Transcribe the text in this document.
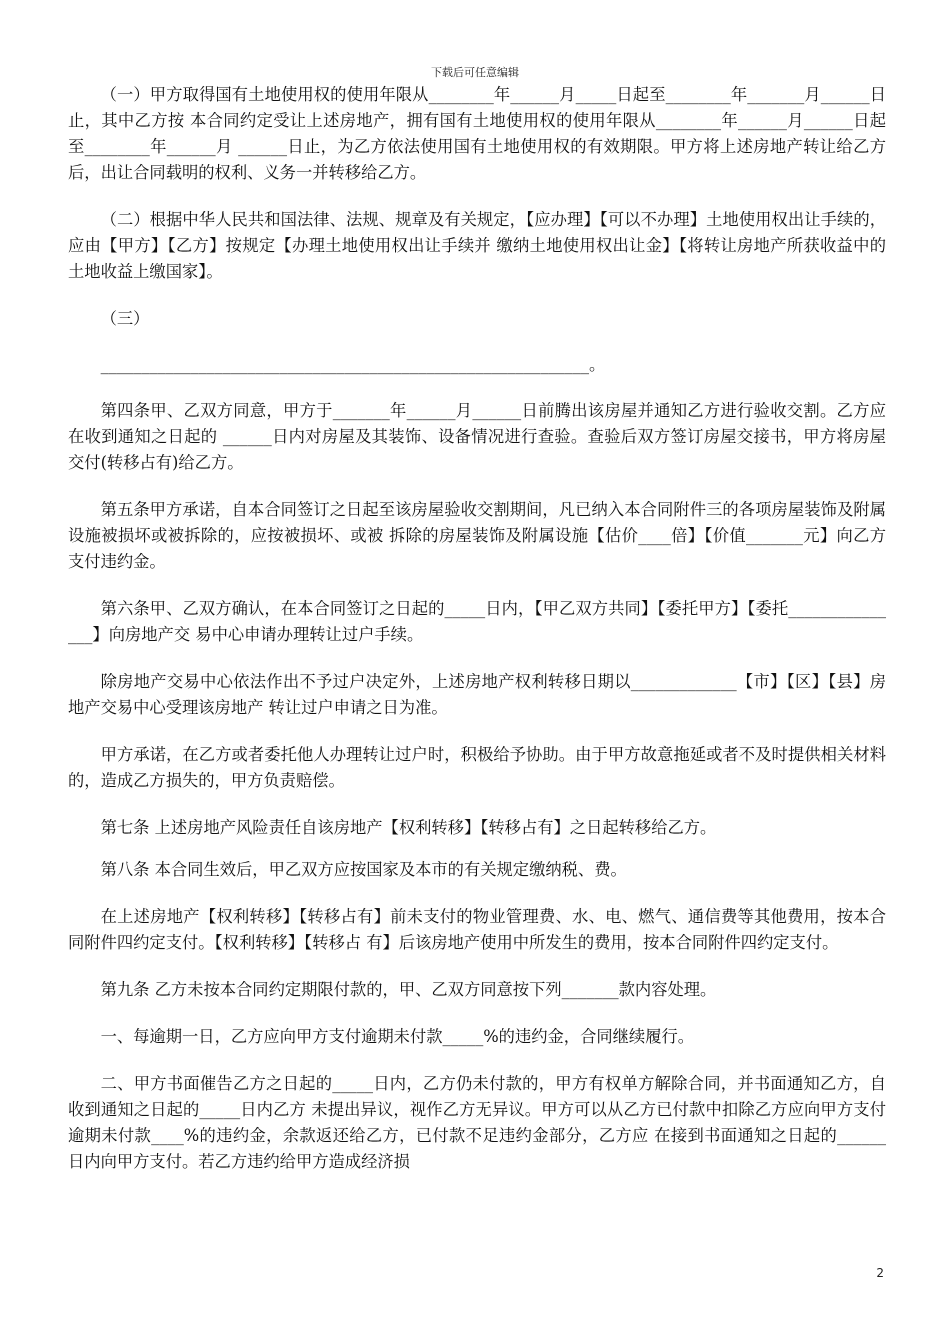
下载后可任意编辑

（一）甲方取得国有土地使用权的使用年限从________年______月_____日起至________年_______月______日止，其中乙方按 本合同约定受让上述房地产，拥有国有土地使用权的使用年限从________年______月______日起至________年______月 ______日止，为乙方依法使用国有土地使用权的有效期限。甲方将上述房地产转让给乙方后，出让合同载明的权利、义务一并转移给乙方。

（二）根据中华人民共和国法律、法规、规章及有关规定，【应办理】【可以不办理】土地使用权出让手续的，应由【甲方】【乙方】按规定【办理土地使用权出让手续并 缴纳土地使用权出让金】【将转让房地产所获收益中的土地收益上缴国家】。

（三）

____________________________________________________________。

第四条甲、乙双方同意，甲方于_______年______月______日前腾出该房屋并通知乙方进行验收交割。乙方应在收到通知之日起的 ______日内对房屋及其装饰、设备情况进行查验。查验后双方签订房屋交接书，甲方将房屋交付(转移占有)给乙方。

第五条甲方承诺，自本合同签订之日起至该房屋验收交割期间，凡已纳入本合同附件三的各项房屋装饰及附属设施被损坏或被拆除的，应按被损坏、或被 拆除的房屋装饰及附属设施【估价____倍】【价值_______元】向乙方支付违约金。

第六条甲、乙双方确认，在本合同签订之日起的_____日内，【甲乙双方共同】【委托甲方】【委托_______________】向房地产交 易中心申请办理转让过户手续。

除房地产交易中心依法作出不予过户决定外，上述房地产权利转移日期以_____________【市】【区】【县】房地产交易中心受理该房地产 转让过户申请之日为准。

甲方承诺，在乙方或者委托他人办理转让过户时，积极给予协助。由于甲方故意拖延或者不及时提供相关材料的，造成乙方损失的，甲方负责赔偿。

第七条 上述房地产风险责任自该房地产【权利转移】【转移占有】之日起转移给乙方。

第八条 本合同生效后，甲乙双方应按国家及本市的有关规定缴纳税、费。

在上述房地产【权利转移】【转移占有】前未支付的物业管理费、水、电、燃气、通信费等其他费用，按本合同附件四约定支付。【权利转移】【转移占 有】后该房地产使用中所发生的费用，按本合同附件四约定支付。

第九条 乙方未按本合同约定期限付款的，甲、乙双方同意按下列_______款内容处理。

一、每逾期一日，乙方应向甲方支付逾期未付款_____%的违约金，合同继续履行。

二、甲方书面催告乙方之日起的_____日内，乙方仍未付款的，甲方有权单方解除合同，并书面通知乙方，自收到通知之日起的_____日内乙方 未提出异议，视作乙方无异议。甲方可以从乙方已付款中扣除乙方应向甲方支付逾期未付款____%的违约金，余款返还给乙方，已付款不足违约金部分，乙方应 在接到书面通知之日起的______日内向甲方支付。若乙方违约给甲方造成经济损

2
